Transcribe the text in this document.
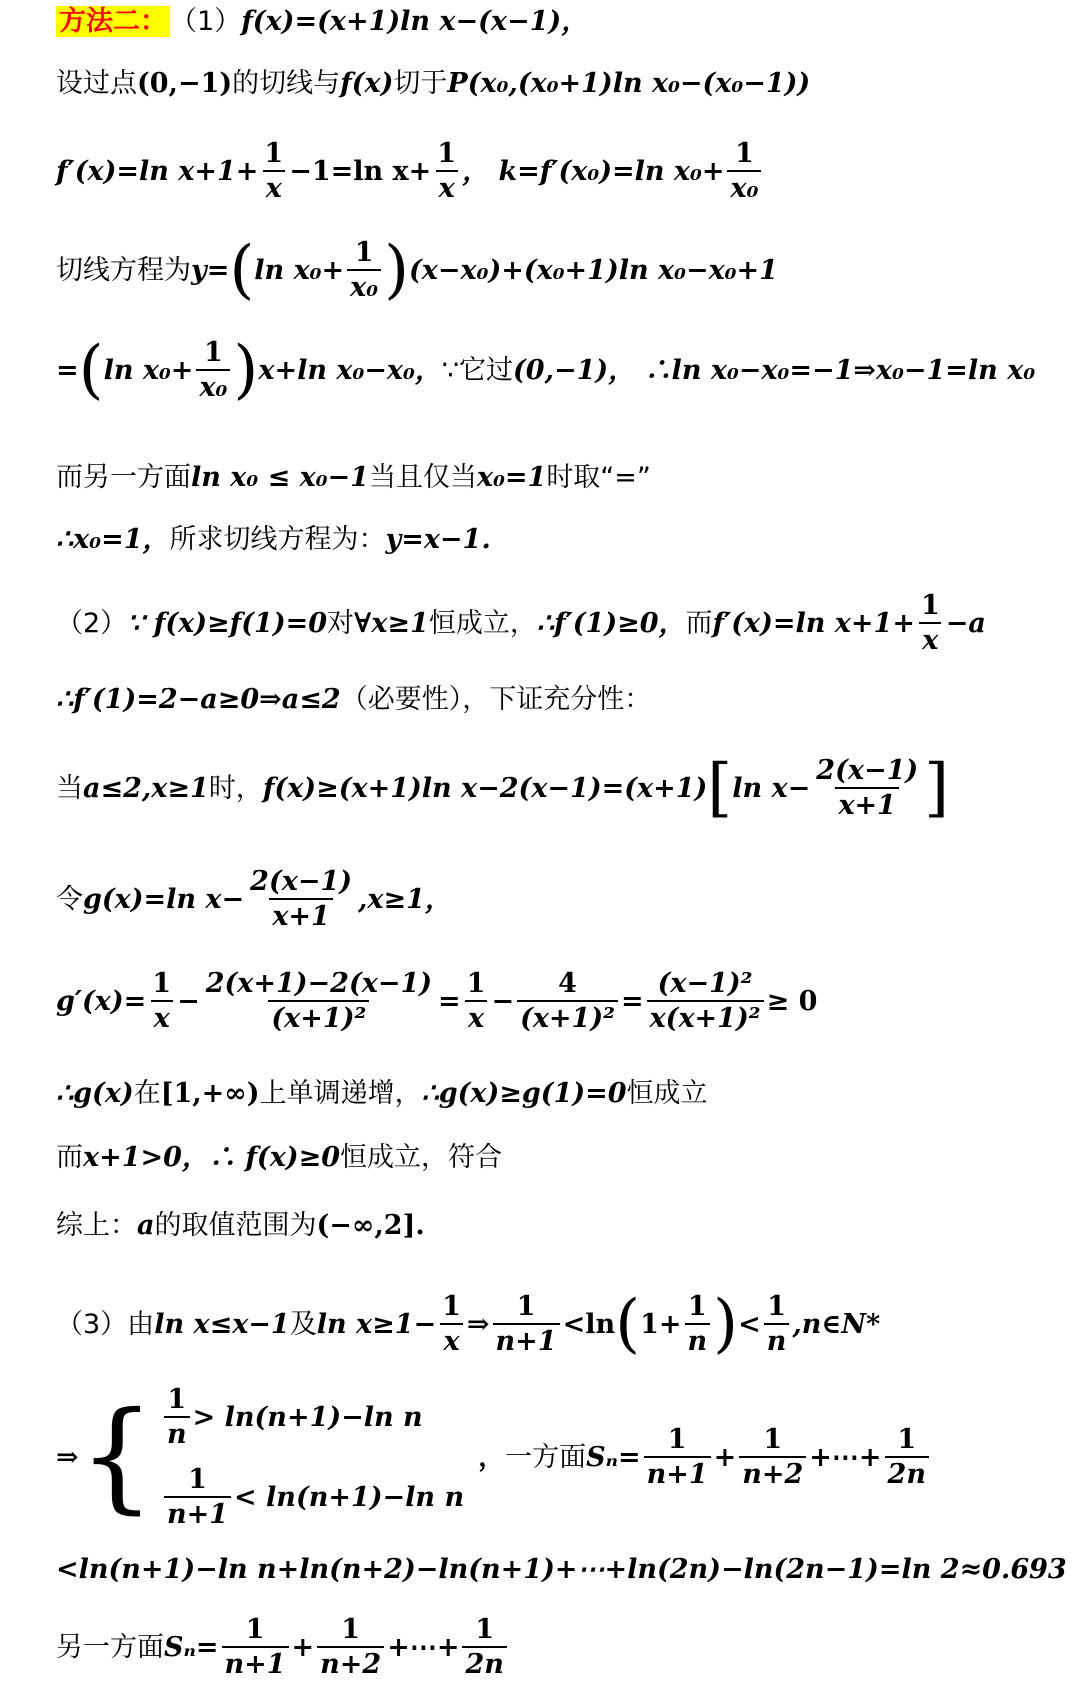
方法二： （1） f(x)=(x+1)ln x−(x−1)，
设过点 (0,−1) 的切线与 f(x) 切于 P(x₀,(x₀+1)ln x₀−(x₀−1))
f′(x)=ln $x+1+ \frac{1}{x} -1=\ln$ $x+ \frac{1}{x}$ ， k=f′(x₀)=ln $x_0+ \frac{1}{\text{x₀}}$
切线方程为 y= ( $\ln x_0+ \frac{1}{\text{x₀}}$ ) (x−x₀)+(x₀+1)ln x₀−x₀+1
= ( $\ln x_0+ \frac{1}{\text{x₀}}$ ) x+ln x₀−x₀， ∵它过 (0,−1)， ∴ln x₀−x₀=−1⇒x₀−1=ln x₀
而另一方面 ln x₀ ≤ x₀−1 当且仅当 x₀=1 时取“=”
∴x₀=1， 所求切线方程为： y=x−1.
（2） ∵ f(x)≥f(1)=0 对 ∀x≥1 恒成立， ∴f′(1)≥0， 而 f′(x)=ln $x+1+ \frac{1}{x} -a$
∴f′(1)=2−a≥0⇒a≤2 （必要性），下证充分性：
当 a≤2,x≥1 时， f(x)≥(x+1)ln x−2(x−1)=(x+1) [ $\ln x- \frac{2(x-1)}{x+1}$ ]
令 g(x)=ln $x- \frac{2(x-1)}{x+1} ,x\ge 1$，
$g'(x)= \frac{1}{x} - \frac{2(x+1)-2(x-1)}{\text{(x+1)²}} = \frac{1}{x} - \frac{4}{\text{(x+1)²}} = \frac{\text{(x−1)²}}{\text{x(x+1)²}} \ge 0$
∴g(x) 在 [1,+∞) 上单调递增， ∴g(x)≥g(1)=0 恒成立
而 x+1>0，∴ f(x)≥0 恒成立，符合
综上： a 的取值范围为 (−∞,2].
（3）由 ln x≤x−1 及 $\ln x\ge 1- \frac{1}{x}$ ⇒ $\frac{1}{n+1} <\ln$ ( $1+ \frac{1}{n}$ ) < $\frac{1}{n}$ ,n∈N*
⇒ { $\frac{1}{n} > \ln(n+1)-\ln$ n
$\frac{1}{n+1} < \ln(n+1)-\ln$ n
， 一方面 $S_n= \frac{1}{n+1} + \frac{1}{n+2}$ +⋯+ $\frac{1}{2n}$
<ln(n+1)−ln n+ln(n+2)−ln(n+1)+⋯+ln(2n)−ln(2n−1)=ln 2≈0.693
另一方面 $S_n= \frac{1}{n+1} + \frac{1}{n+2}$ +⋯+ $\frac{1}{2n}$
